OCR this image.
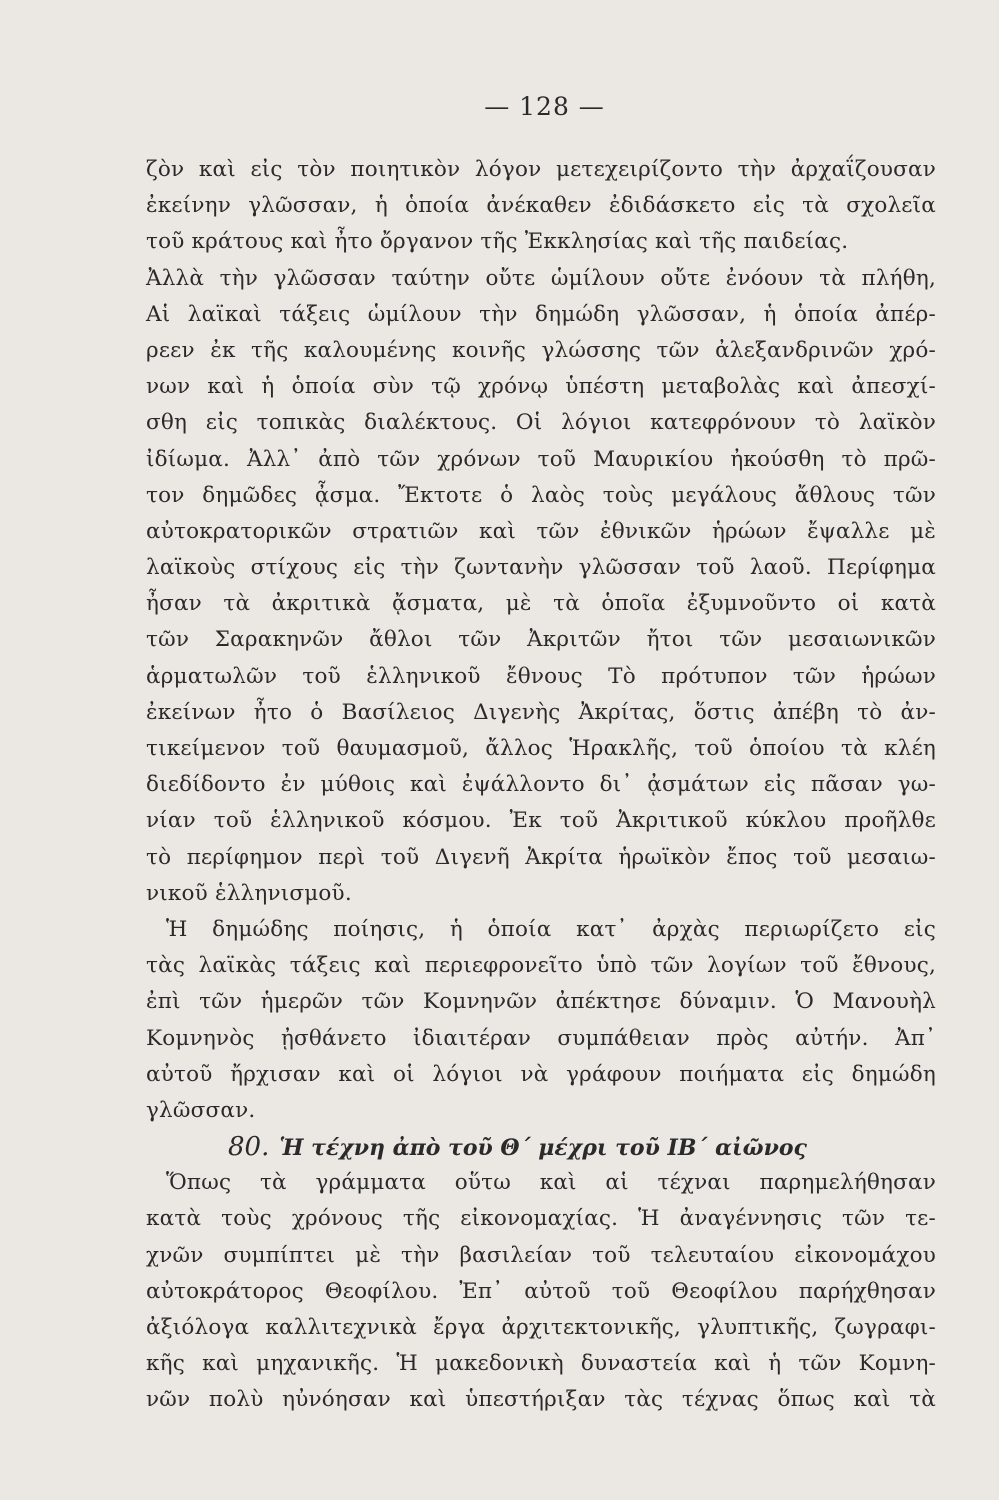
— 128 —
ζὸν καὶ εἰς τὸν ποιητικὸν λόγον μετεχειρίζοντο τὴν ἀρχαΐζουσαν
ἐκείνην γλῶσσαν, ἡ ὁποία ἀνέκαθεν ἐδιδάσκετο εἰς τὰ σχολεῖα
τοῦ κράτους καὶ ἦτο ὄργανον τῆς Ἐκκλησίας καὶ τῆς παιδείας.
Ἀλλὰ τὴν γλῶσσαν ταύτην οὔτε ὡμίλουν οὔτε ἐνόουν τὰ πλήθη,
Αἱ λαϊκαὶ τάξεις ὡμίλουν τὴν δημώδη γλῶσσαν, ἡ ὁποία ἀπέρ-
ρεεν ἐκ τῆς καλουμένης κοινῆς γλώσσης τῶν ἀλεξανδρινῶν χρό-
νων καὶ ἡ ὁποία σὺν τῷ χρόνῳ ὑπέστη μεταβολὰς καὶ ἀπεσχί-
σθη εἰς τοπικὰς διαλέκτους. Οἱ λόγιοι κατεφρόνουν τὸ λαϊκὸν
ἰδίωμα. Ἀλλ᾽ ἀπὸ τῶν χρόνων τοῦ Μαυρικίου ἠκούσθη τὸ πρῶ-
τον δημῶδες ᾆσμα. Ἔκτοτε ὁ λαὸς τοὺς μεγάλους ἄθλους τῶν
αὐτοκρατορικῶν στρατιῶν καὶ τῶν ἐθνικῶν ἡρώων ἔψαλλε μὲ
λαϊκοὺς στίχους εἰς τὴν ζωντανὴν γλῶσσαν τοῦ λαοῦ. Περίφημα
ἦσαν τὰ ἀκριτικὰ ᾄσματα, μὲ τὰ ὁποῖα ἐξυμνοῦντο οἱ κατὰ
τῶν Σαρακηνῶν ἄθλοι τῶν Ἀκριτῶν ἤτοι τῶν μεσαιωνικῶν
ἁρματωλῶν τοῦ ἑλληνικοῦ ἔθνους Τὸ πρότυπον τῶν ἡρώων
ἐκείνων ἦτο ὁ Βασίλειος Διγενὴς Ἀκρίτας, ὅστις ἀπέβη τὸ ἀν-
τικείμενον τοῦ θαυμασμοῦ, ἄλλος Ἡρακλῆς, τοῦ ὁποίου τὰ κλέη
διεδίδοντο ἐν μύθοις καὶ ἐψάλλοντο δι᾽ ᾀσμάτων εἰς πᾶσαν γω-
νίαν τοῦ ἑλληνικοῦ κόσμου. Ἐκ τοῦ Ἀκριτικοῦ κύκλου προῆλθε
τὸ περίφημον περὶ τοῦ Διγενῆ Ἀκρίτα ἡρωϊκὸν ἔπος τοῦ μεσαιω-
νικοῦ ἑλληνισμοῦ.
Ἡ δημώδης ποίησις, ἡ ὁποία κατ᾽ ἀρχὰς περιωρίζετο εἰς
τὰς λαϊκὰς τάξεις καὶ περιεφρονεῖτο ὑπὸ τῶν λογίων τοῦ ἔθνους,
ἐπὶ τῶν ἡμερῶν τῶν Κομνηνῶν ἀπέκτησε δύναμιν. Ὁ Μανουὴλ
Κομνηνὸς ᾐσθάνετο ἰδιαιτέραν συμπάθειαν πρὸς αὐτήν. Ἀπ᾽
αὐτοῦ ἤρχισαν καὶ οἱ λόγιοι νὰ γράφουν ποιήματα εἰς δημώδη
γλῶσσαν.
80. Ἡ τέχνη ἀπὸ τοῦ Θ´ μέχρι τοῦ ΙΒ´ αἰῶνος
Ὅπως τὰ γράμματα οὕτω καὶ αἱ τέχναι παρημελήθησαν
κατὰ τοὺς χρόνους τῆς εἰκονομαχίας. Ἡ ἀναγέννησις τῶν τε-
χνῶν συμπίπτει μὲ τὴν βασιλείαν τοῦ τελευταίου εἰκονομάχου
αὐτοκράτορος Θεοφίλου. Ἐπ᾽ αὐτοῦ τοῦ Θεοφίλου παρήχθησαν
ἀξιόλογα καλλιτεχνικὰ ἔργα ἀρχιτεκτονικῆς, γλυπτικῆς, ζωγραφι-
κῆς καὶ μηχανικῆς. Ἡ μακεδονικὴ δυναστεία καὶ ἡ τῶν Κομνη-
νῶν πολὺ ηὐνόησαν καὶ ὑπεστήριξαν τὰς τέχνας ὅπως καὶ τὰ
